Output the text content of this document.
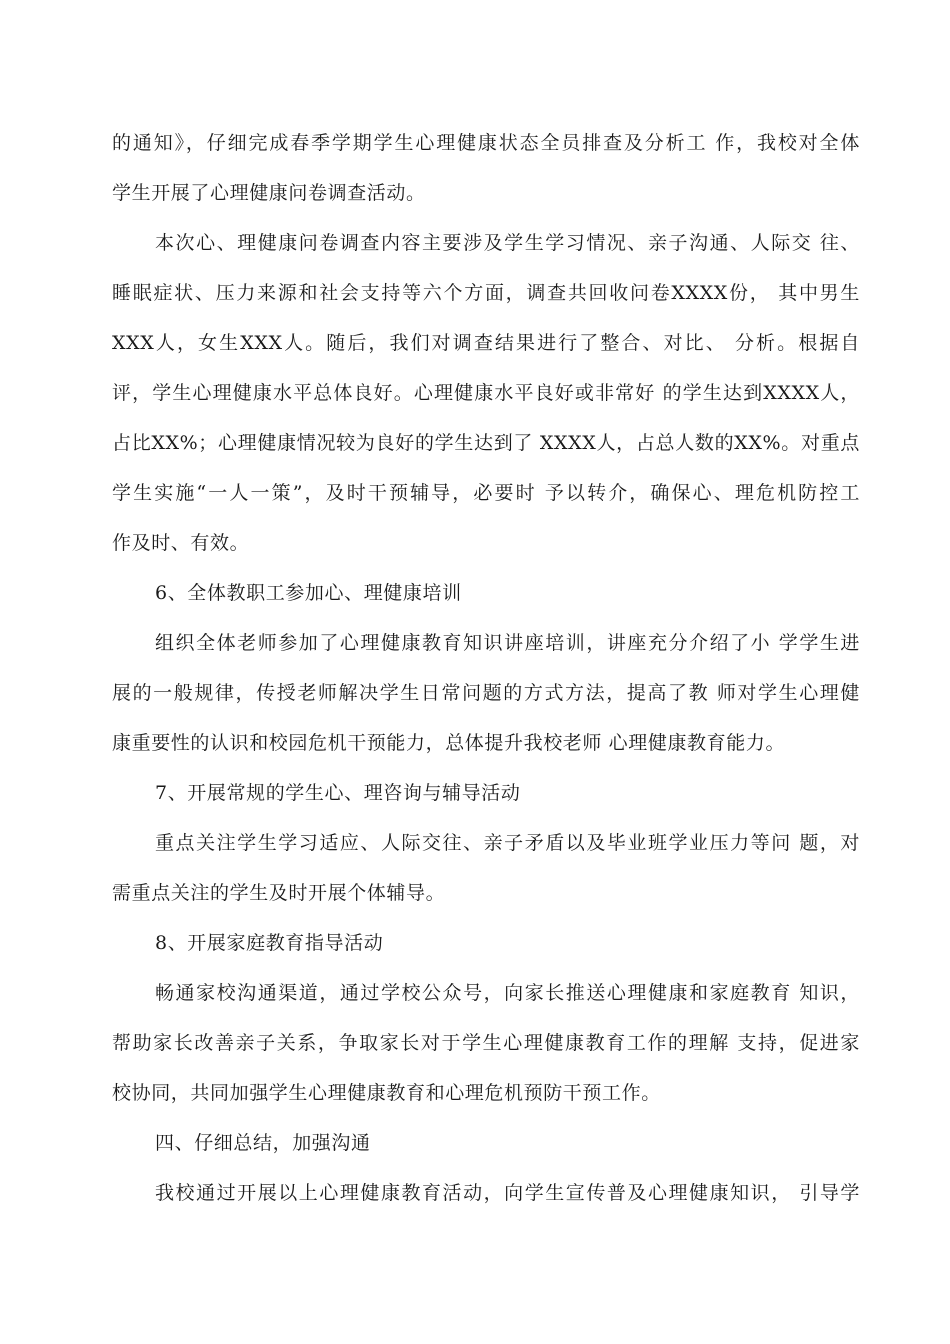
的通知》，仔细完成春季学期学生心理健康状态全员排查及分析工 作，我校对全体
学生开展了心理健康问卷调查活动。
本次心、理健康问卷调查内容主要涉及学生学习情况、亲子沟通、人际交 往、
睡眠症状、压力来源和社会支持等六个方面，调查共回收问卷XXXX份， 其中男生
XXX人，女生XXX人。随后，我们对调查结果进行了整合、对比、 分析。根据自
评，学生心理健康水平总体良好。心理健康水平良好或非常好 的学生达到XXXX人，
占比XX%；心理健康情况较为良好的学生达到了 XXXX人，占总人数的XX%。对重点
学生实施“一人一策”，及时干预辅导，必要时 予以转介，确保心、理危机防控工
作及时、有效。
6、全体教职工参加心、理健康培训
组织全体老师参加了心理健康教育知识讲座培训，讲座充分介绍了小 学学生进
展的一般规律，传授老师解决学生日常问题的方式方法，提高了教 师对学生心理健
康重要性的认识和校园危机干预能力，总体提升我校老师 心理健康教育能力。
7、开展常规的学生心、理咨询与辅导活动
重点关注学生学习适应、人际交往、亲子矛盾以及毕业班学业压力等问 题，对
需重点关注的学生及时开展个体辅导。
8、开展家庭教育指导活动
畅通家校沟通渠道，通过学校公众号，向家长推送心理健康和家庭教育 知识，
帮助家长改善亲子关系，争取家长对于学生心理健康教育工作的理解 支持，促进家
校协同，共同加强学生心理健康教育和心理危机预防干预工作。
四、仔细总结，加强沟通
我校通过开展以上心理健康教育活动，向学生宣传普及心理健康知识， 引导学
